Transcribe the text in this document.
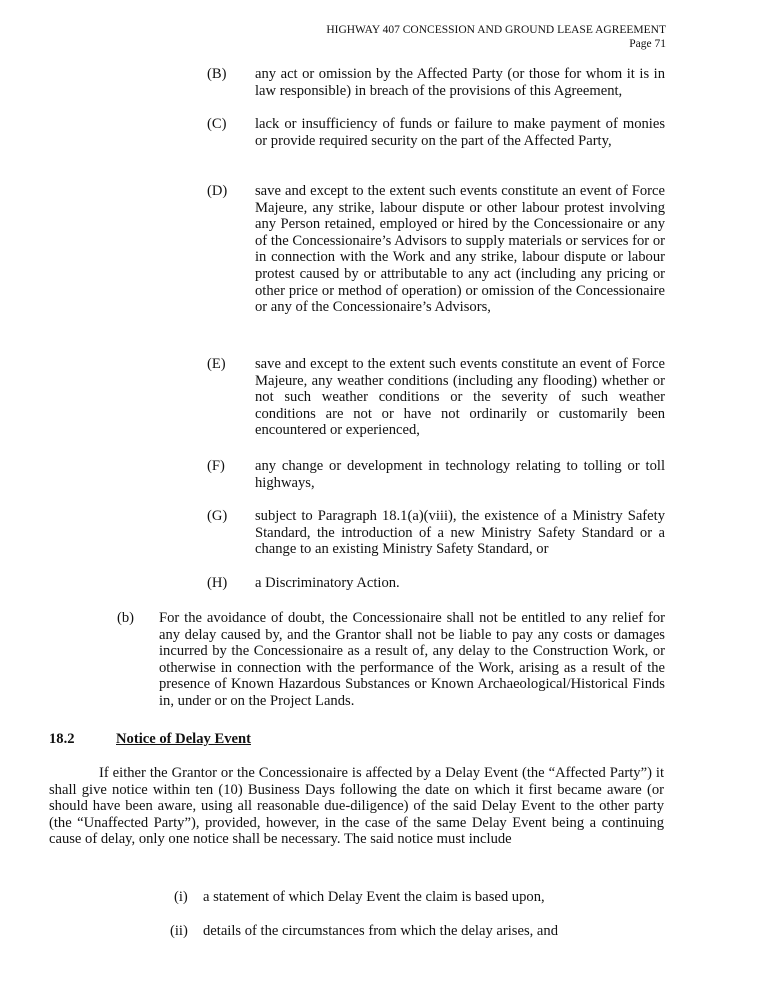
HIGHWAY 407 CONCESSION AND GROUND LEASE AGREEMENT
Page 71
(B) any act or omission by the Affected Party (or those for whom it is in law responsible) in breach of the provisions of this Agreement,
(C) lack or insufficiency of funds or failure to make payment of monies or provide required security on the part of the Affected Party,
(D) save and except to the extent such events constitute an event of Force Majeure, any strike, labour dispute or other labour protest involving any Person retained, employed or hired by the Concessionaire or any of the Concessionaire’s Advisors to supply materials or services for or in connection with the Work and any strike, labour dispute or labour protest caused by or attributable to any act (including any pricing or other price or method of operation) or omission of the Concessionaire or any of the Concessionaire’s Advisors,
(E) save and except to the extent such events constitute an event of Force Majeure, any weather conditions (including any flooding) whether or not such weather conditions or the severity of such weather conditions are not or have not ordinarily or customarily been encountered or experienced,
(F) any change or development in technology relating to tolling or toll highways,
(G) subject to Paragraph 18.1(a)(viii), the existence of a Ministry Safety Standard, the introduction of a new Ministry Safety Standard or a change to an existing Ministry Safety Standard, or
(H) a Discriminatory Action.
(b) For the avoidance of doubt, the Concessionaire shall not be entitled to any relief for any delay caused by, and the Grantor shall not be liable to pay any costs or damages incurred by the Concessionaire as a result of, any delay to the Construction Work, or otherwise in connection with the performance of the Work, arising as a result of the presence of Known Hazardous Substances or Known Archaeological/Historical Finds in, under or on the Project Lands.
18.2	Notice of Delay Event
If either the Grantor or the Concessionaire is affected by a Delay Event (the “Affected Party”) it shall give notice within ten (10) Business Days following the date on which it first became aware (or should have been aware, using all reasonable due-diligence) of the said Delay Event to the other party (the “Unaffected Party”), provided, however, in the case of the same Delay Event being a continuing cause of delay, only one notice shall be necessary. The said notice must include
(i) a statement of which Delay Event the claim is based upon,
(ii) details of the circumstances from which the delay arises, and
